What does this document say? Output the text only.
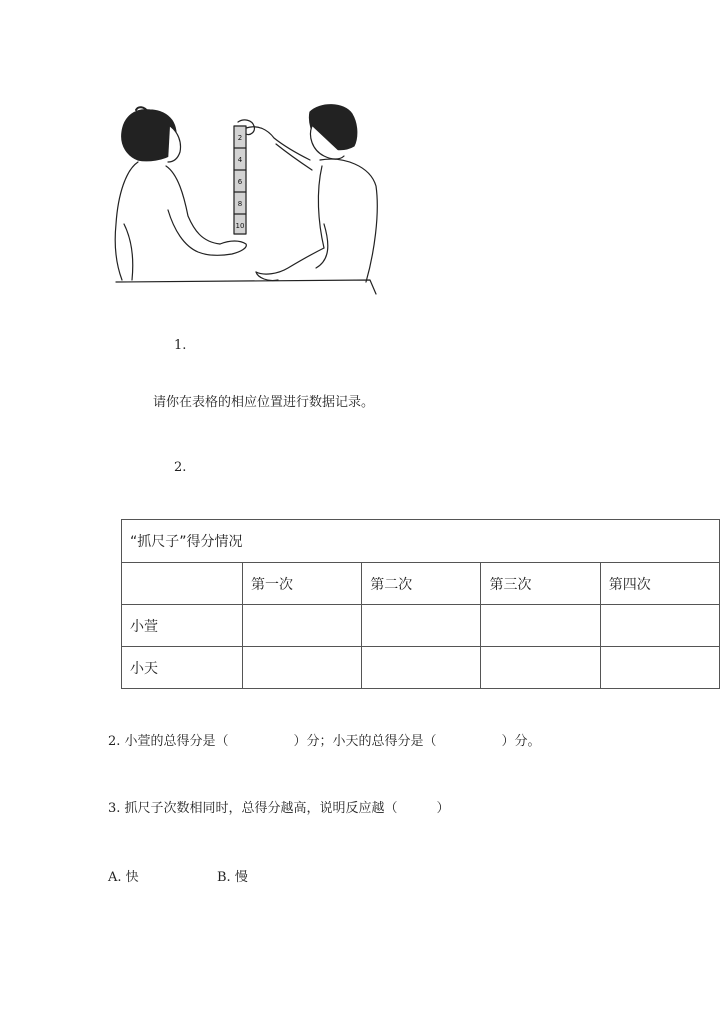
2
4
6
8
10
1.
请你在表格的相应位置进行数据记录。
2.
“抓尺子”得分情况				
	第一次	第二次	第三次	第四次
小萱				
小天				
2. 小萱的总得分是（　　　　　）分；小天的总得分是（　　　　　）分。
3. 抓尺子次数相同时，总得分越高，说明反应越（　　　）
A. 快	B. 慢
